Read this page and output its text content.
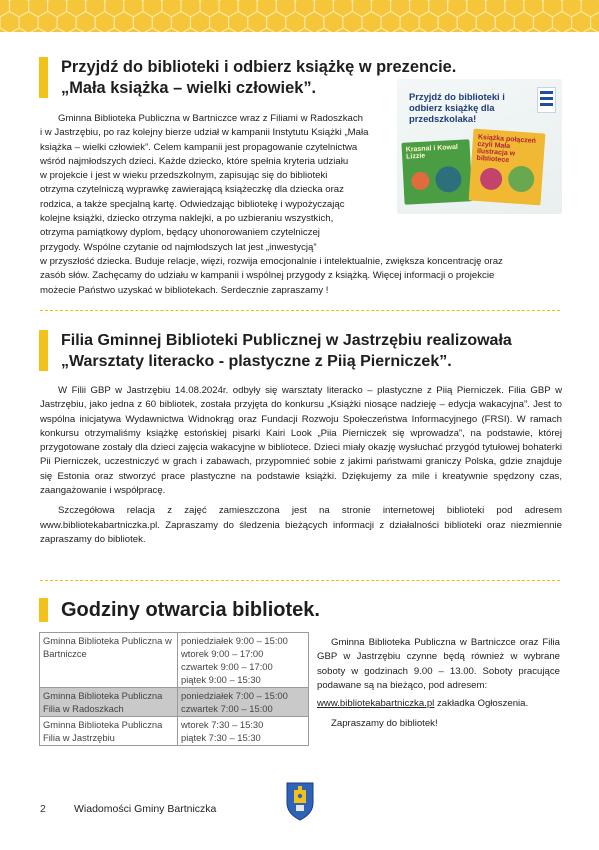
Przyjdź do biblioteki i odbierz książkę w prezencie.
„Mała książka – wielki człowiek”.
Gminna Biblioteka Publiczna w Bartniczce wraz z Filiami w Radoszkach
i w Jastrzębiu, po raz kolejny bierze udział w kampanii Instytutu Książki „Mała
książka – wielki człowiek”. Celem kampanii jest propagowanie czytelnictwa
wśród najmłodszych dzieci. Każde dziecko, które spełnia kryteria udziału
w projekcie i jest w wieku przedszkolnym, zapisując się do biblioteki
otrzyma czytelniczą wyprawkę zawierającą książeczkę dla dziecka oraz
rodzica, a także specjalną kartę. Odwiedzając bibliotekę i wypożyczając
kolejne książki, dziecko otrzyma naklejki, a po uzbieraniu wszystkich,
otrzyma pamiątkowy dyplom, będący uhonorowaniem czytelniczej
przygody. Wspólne czytanie od najmłodszych lat jest „inwestycją”
w przyszłość dziecka. Buduje relacje, więzi, rozwija emocjonalnie i intelektualnie, zwiększa koncentrację oraz
zasób słów. Zachęcamy do udziału w kampanii i wspólnej przygody z książką. Więcej informacji o projekcie
możecie Państwo uzyskać w bibliotekach. Serdecznie zapraszamy !
Przyjdź do biblioteki i odbierz książkę dla przedszkolaka!
Krasnal i Kowal Lizzie
Książka połączeń czyli Mała ilustracja w bibliotece
Filia Gminnej Biblioteki Publicznej w Jastrzębiu realizowała
„Warsztaty literacko - plastyczne z Piią Pierniczek”.

W Filii GBP w Jastrzębiu 14.08.2024r. odbyły się warsztaty literacko – plastyczne z Piią Pierniczek. Filia GBP w Jastrzębiu, jako jedna z 60 bibliotek, została przyjęta do konkursu „Książki niosące nadzieję – edycja wakacyjna”. Jest to wspólna inicjatywa Wydawnictwa Widnokrąg oraz Fundacji Rozwoju Społeczeństwa Informacyjnego (FRSI). W ramach konkursu otrzymaliśmy książkę estońskiej pisarki Kairi Look „Piia Pierniczek się wprowadza”, na podstawie, której przygotowane zostały dla dzieci zajęcia wakacyjne w bibliotece. Dzieci miały okazję wysłuchać przygód tytułowej bohaterki Pii Pierniczek, uczestniczyć w grach i zabawach, przypomnieć sobie z jakimi państwami graniczy Polska, gdzie znajduje się Estonia oraz stworzyć prace plastyczne na podstawie książki. Dziękujemy za mile i kreatywnie spędzony czas, zaangażowanie i współpracę.

Szczegółowa relacja z zajęć zamieszczona jest na stronie internetowej biblioteki pod adresem www.bibliotekabartniczka.pl. Zapraszamy do śledzenia bieżących informacji z działalności biblioteki oraz niezmiennie zapraszamy do bibliotek.

Godziny otwarcia bibliotek.
Gminna Biblioteka Publiczna w Bartniczce	poniedziałek 9:00 – 15:00
wtorek 9:00 – 17:00
czwartek 9:00 – 17:00
piątek 9:00 – 15:30

Gminna Biblioteka Publiczna Filia w Radoszkach	poniedziałek 7:00 – 15:00
czwartek 7:00 – 15:00

Gminna Biblioteka Publiczna Filia w Jastrzębiu	wtorek 7:30 – 15:30
piątek 7:30 – 15:30

Gminna Biblioteka Publiczna w Bartniczce oraz Filia GBP w Jastrzębiu czynne będą również w wybrane soboty w godzinach 9.00 – 13.00. Soboty pracujące podawane są na bieżąco, pod adresem:

www.bibliotekabartniczka.pl zakładka Ogłoszenia.

Zapraszamy do bibliotek!

2	Wiadomości Gminy Bartniczka
